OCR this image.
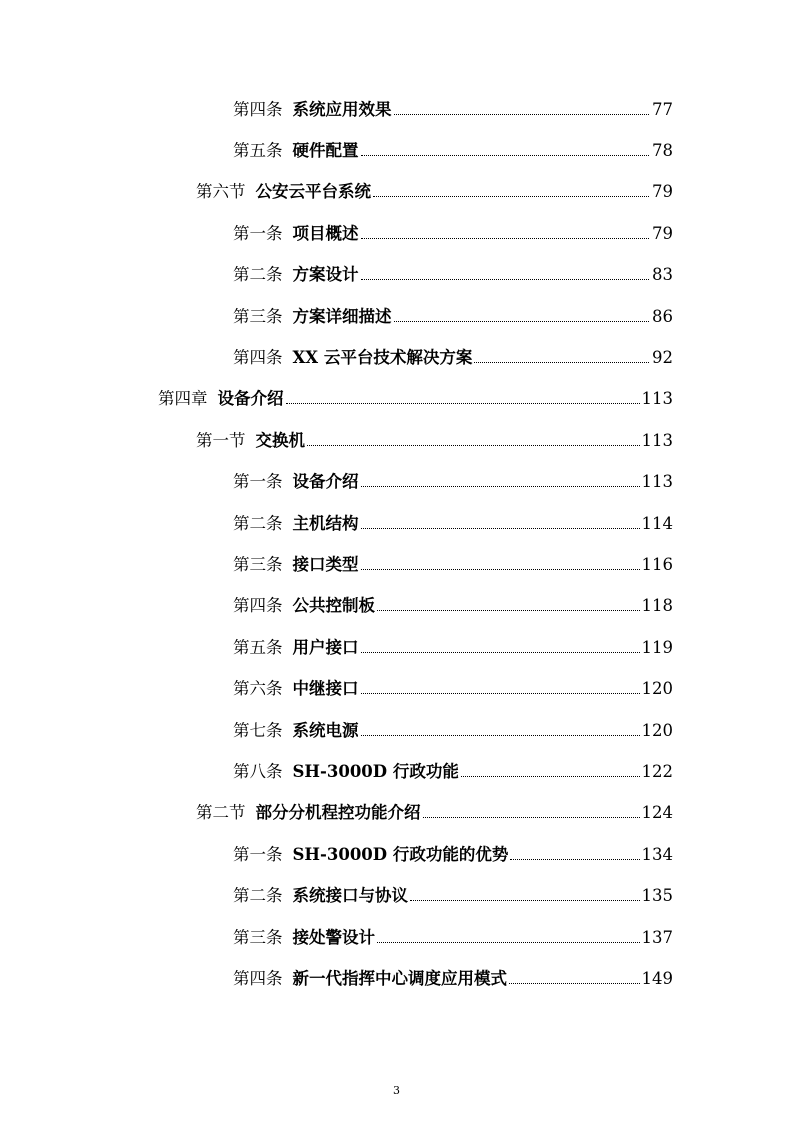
第四条 系统应用效果	77
第五条 硬件配置	78
第六节 公安云平台系统	79
第一条 项目概述	79
第二条 方案设计	83
第三条 方案详细描述	86
第四条 XX 云平台技术解决方案	92
第四章 设备介绍	113
第一节 交换机	113
第一条 设备介绍	113
第二条 主机结构	114
第三条 接口类型	116
第四条 公共控制板	118
第五条 用户接口	119
第六条 中继接口	120
第七条 系统电源	120
第八条 SH-3000D 行政功能	122
第二节 部分分机程控功能介绍	124
第一条 SH-3000D 行政功能的优势	134
第二条 系统接口与协议	135
第三条 接处警设计	137
第四条 新一代指挥中心调度应用模式	149
3
